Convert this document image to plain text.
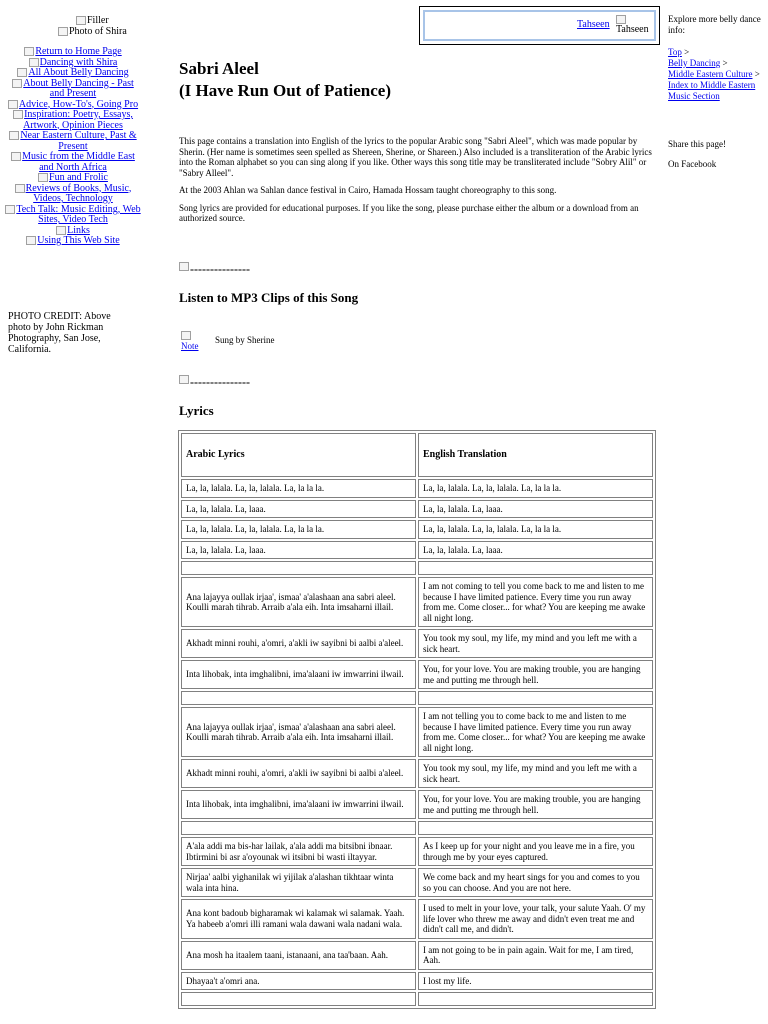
Filler
Photo of Shira
Return to Home Page
Dancing with Shira
All About Belly Dancing
About Belly Dancing - Past and Present
Advice, How-To's, Going Pro
Inspiration: Poetry, Essays, Artwork, Opinion Pieces
Near Eastern Culture, Past & Present
Music from the Middle East and North Africa
Fun and Frolic
Reviews of Books, Music, Videos, Technology
Tech Talk: Music Editing, Web Sites, Video Tech
Links
Using This Web Site
PHOTO CREDIT: Above photo by John Rickman Photography, San Jose, California.
Tahseen Tahseen
Sabri Aleel
(I Have Run Out of Patience)

This page contains a translation into English of the lyrics to the popular Arabic song "Sabri Aleel", which was made popular by Sherin. (Her name is sometimes seen spelled as Shereen, Sherine, or Shareen.) Also included is a transliteration of the Arabic lyrics into the Roman alphabet so you can sing along if you like. Other ways this song title may be transliterated include "Sobry Alil" or "Sabry Alleel".

At the 2003 Ahlan wa Sahlan dance festival in Cairo, Hamada Hossam taught choreography to this song.

Song lyrics are provided for educational purposes. If you like the song, please purchase either the album or a download from an authorized source.

---------------
Listen to MP3 Clips of this Song

Note
Sung by Sherine
---------------
Lyrics
Arabic Lyrics	English Translation
La, la, lalala. La, la, lalala. La, la la la.	La, la, lalala. La, la, lalala. La, la la la.
La, la, lalala. La, laaa.	La, la, lalala. La, laaa.
La, la, lalala. La, la, lalala. La, la la la.	La, la, lalala. La, la, lalala. La, la la la.
La, la, lalala. La, laaa.	La, la, lalala. La, laaa.

Ana lajayya oullak irjaa', ismaa' a'alashaan ana sabri aleel. Koulli marah tihrab. Arraib a'ala eih. Inta imsaharni illail.	I am not coming to tell you come back to me and listen to me because I have limited patience. Every time you run away from me. Come closer... for what? You are keeping me awake all night long.
Akhadt minni rouhi, a'omri, a'akli iw sayibni bi aalbi a'aleel.	You took my soul, my life, my mind and you left me with a sick heart.
Inta lihobak, inta imghalibni, ima'alaani iw imwarrini ilwail.	You, for your love. You are making trouble, you are hanging me and putting me through hell.

Ana lajayya oullak irjaa', ismaa' a'alashaan ana sabri aleel. Koulli marah tihrab. Arraib a'ala eih. Inta imsaharni illail.	I am not telling you to come back to me and listen to me because I have limited patience. Every time you run away from me. Come closer... for what? You are keeping me awake all night long.
Akhadt minni rouhi, a'omri, a'akli iw sayibni bi aalbi a'aleel.	You took my soul, my life, my mind and you left me with a sick heart.
Inta lihobak, inta imghalibni, ima'alaani iw imwarrini ilwail.	You, for your love. You are making trouble, you are hanging me and putting me through hell.

A'ala addi ma bis-har lailak, a'ala addi ma bitsibni ibnaar. Ibtirmini bi asr a'oyounak wi itsibni bi wasti iltayyar.	As I keep up for your night and you leave me in a fire, you through me by your eyes captured.
Nirjaa' aalbi yighanilak wi yijilak a'alashan tikhtaar winta wala inta hina.	We come back and my heart sings for you and comes to you so you can choose. And you are not here.
Ana kont badoub bigharamak wi kalamak wi salamak. Yaah. Ya habeeb a'omri illi ramani wala dawani wala nadani wala.	I used to melt in your love, your talk, your salute Yaah. O' my life lover who threw me away and didn't even treat me and didn't call me, and didn't.
Ana mosh ha itaalem taani, istanaani, ana taa'baan. Aah.	I am not going to be in pain again. Wait for me, I am tired, Aah.
Dhayaa't a'omri ana.	I lost my life.

Explore more belly dance info:

Top >
Belly Dancing >
Middle Eastern Culture >
Index to Middle Eastern Music Section
Share this page!
On Facebook
